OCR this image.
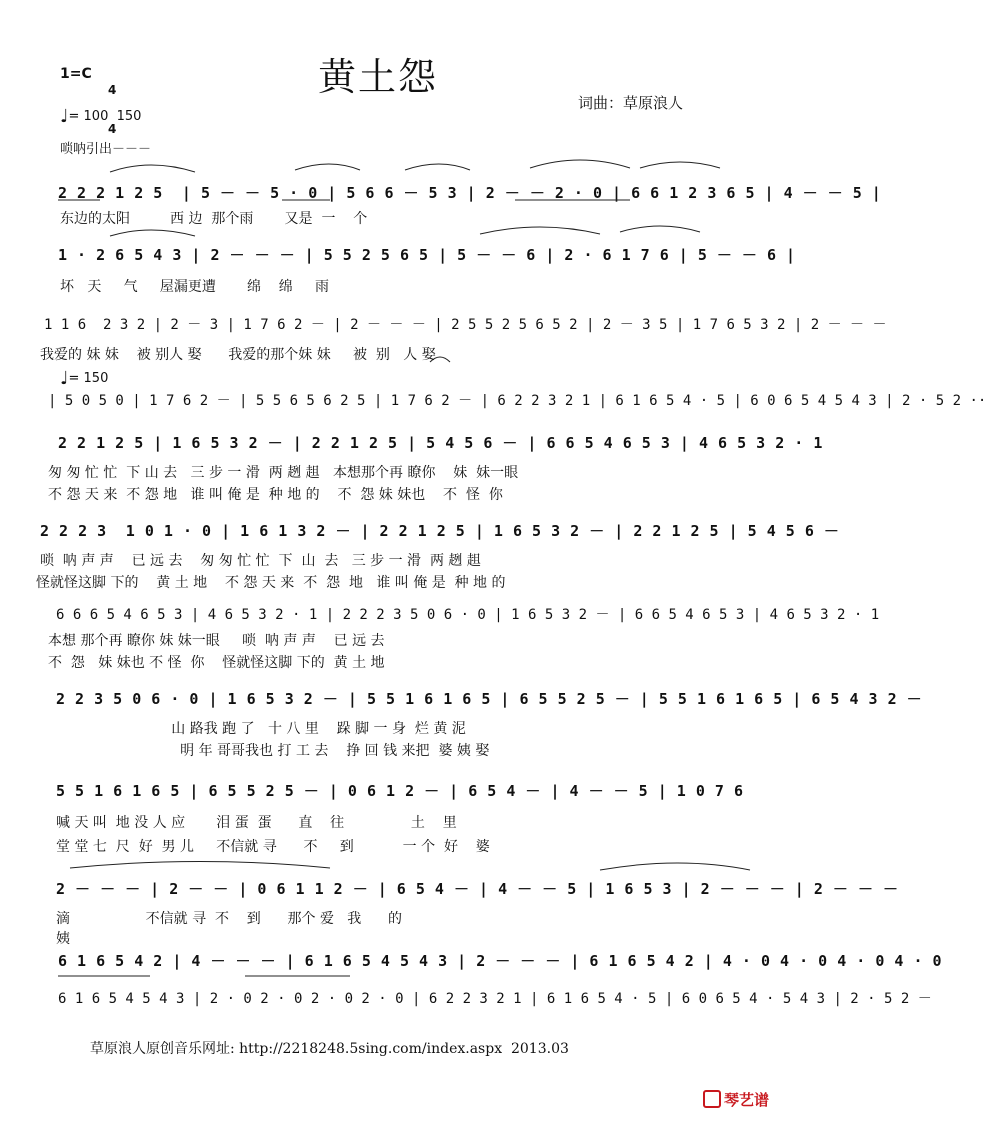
黄土怨
1=C

4

4

词曲：草原浪人
♩= 100  150
唢呐引出－－－
2 2 2 1 2 5  | 5 － － 5 · 0 | 5 6 6 － 5 3 | 2 － － 2 · 0 | 6 6 1 2 3 6 5 | 4 － － 5 |
东边的太阳         西 边  那个雨       又是  一    个
1 · 2 6 5 4 3 | 2 － － － | 5 5 2 5 6 5 | 5 － － 6 | 2 · 6 1 7 6 | 5 － － 6 |
坏   天     气     屋漏更遭       绵    绵     雨
1 1 6  2 3 2 | 2 － 3 | 1 7 6 2 － | 2 － － － | 2 5 5 2 5 6 5 2 | 2 － 3 5 | 1 7 6 5 3 2 | 2 － － －
我爱的 妹 妹    被 别人 娶      我爱的那个妹 妹     被  别   人 娶
♩= 150
| 5 0 5 0 | 1 7 6 2 － | 5 5 6 5 6 2 5 | 1 7 6 2 － | 6 2 2 3 2 1 | 6 1 6 5 4 · 5 | 6 0 6 5 4 5 4 3 | 2 · 5 2 ··
2 2 1 2 5 | 1 6 5 3 2 － | 2 2 1 2 5 | 5 4 5 6 － | 6 6 5 4 6 5 3 | 4 6 5 3 2 · 1
匆 匆 忙 忙  下 山 去   三 步 一 滑  两 趔 趄   本想那个再 瞭你    妹  妹一眼
不 怨 天 来  不 怨 地   谁 叫 俺 是  种 地 的    不  怨 妹 妹也    不  怪  你
2 2 2 3  1 0 1 · 0 | 1 6 1 3 2 － | 2 2 1 2 5 | 1 6 5 3 2 － | 2 2 1 2 5 | 5 4 5 6 －
唢  呐 声 声    已 远 去    匆 匆 忙 忙  下  山  去   三 步 一 滑  两 趔 趄
怪就怪这脚 下的    黄 土 地    不 怨 天 来  不  怨  地   谁 叫 俺 是  种 地 的
6 6 6 5 4 6 5 3 | 4 6 5 3 2 · 1 | 2 2 2 3 5 0 6 · 0 | 1 6 5 3 2 － | 6 6 5 4 6 5 3 | 4 6 5 3 2 · 1
本想 那个再 瞭你 妹 妹一眼     唢  呐 声 声    已 远 去
不  怨   妹 妹也 不 怪  你    怪就怪这脚 下的  黄 土 地
2 2 3 5 0 6 · 0 | 1 6 5 3 2 － | 5 5 1 6 1 6 5 | 6 5 5 2 5 － | 5 5 1 6 1 6 5 | 6 5 4 3 2 －
山 路我 跑 了   十 八 里    跺 脚 一 身  烂 黄 泥
明 年 哥哥我也 打 工 去    挣 回 钱 来把  婆 姨 娶
5 5 1 6 1 6 5 | 6 5 5 2 5 － | 0 6 1 2 － | 6 5 4 － | 4 － － 5 | 1 0 7 6
喊 天 叫  地 没 人 应       泪 蛋  蛋      直    往               土    里
堂 堂 七  尺  好  男 儿     不信就 寻      不     到           一 个  好    婆
2 － － － | 2 － － | 0 6 1 1 2 － | 6 5 4 － | 4 － － 5 | 1 6 5 3 | 2 － － － | 2 － － －
滴                 不信就 寻  不    到      那个 爱   我      的
姨
6 1 6 5 4 2 | 4 － － － | 6 1 6 5 4 5 4 3 | 2 － － － | 6 1 6 5 4 2 | 4 · 0 4 · 0 4 · 0 4 · 0
6 1 6 5 4 5 4 3 | 2 · 0 2 · 0 2 · 0 2 · 0 | 6 2 2 3 2 1 | 6 1 6 5 4 · 5 | 6 0 6 5 4 · 5 4 3 | 2 · 5 2 －
草原浪人原创音乐网址: http://2218248.5sing.com/index.aspx  2013.03
琴艺谱
